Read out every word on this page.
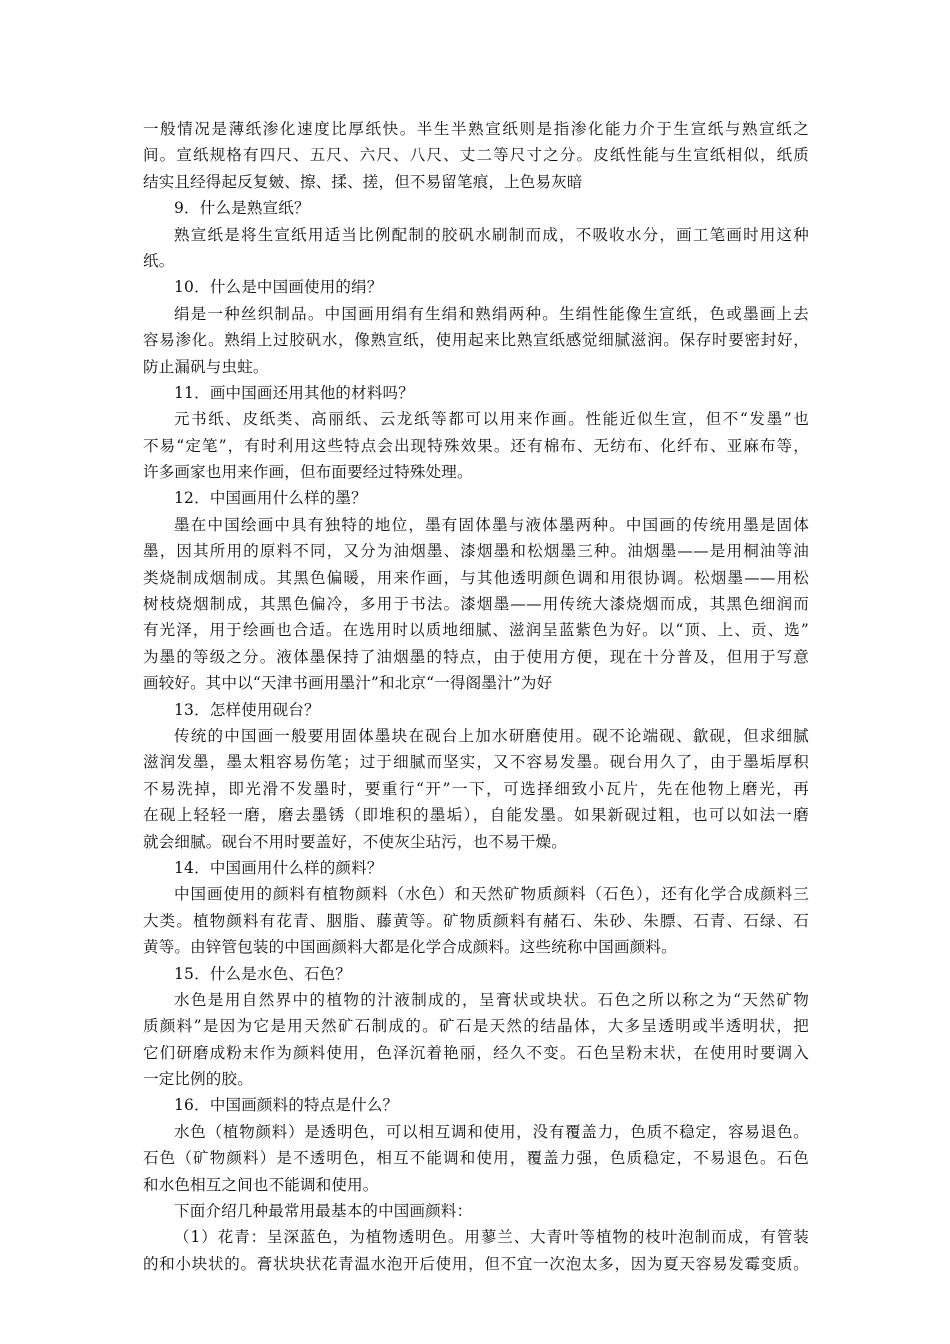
一般情况是薄纸渗化速度比厚纸快。半生半熟宣纸则是指渗化能力介于生宣纸与熟宣纸之
间。宣纸规格有四尺、五尺、六尺、八尺、丈二等尺寸之分。皮纸性能与生宣纸相似，纸质
结实且经得起反复皴、擦、揉、搓，但不易留笔痕，上色易灰暗
9．什么是熟宣纸？
熟宣纸是将生宣纸用适当比例配制的胶矾水刷制而成，不吸收水分，画工笔画时用这种
纸。
10．什么是中国画使用的绢？
绢是一种丝织制品。中国画用绢有生绢和熟绢两种。生绢性能像生宣纸，色或墨画上去
容易渗化。熟绢上过胶矾水，像熟宣纸，使用起来比熟宣纸感觉细腻滋润。保存时要密封好，
防止漏矾与虫蛀。
11．画中国画还用其他的材料吗？
元书纸、皮纸类、高丽纸、云龙纸等都可以用来作画。性能近似生宣，但不“发墨”也
不易“定笔”，有时利用这些特点会出现特殊效果。还有棉布、无纺布、化纤布、亚麻布等，
许多画家也用来作画，但布面要经过特殊处理。
12．中国画用什么样的墨？
墨在中国绘画中具有独特的地位，墨有固体墨与液体墨两种。中国画的传统用墨是固体
墨，因其所用的原料不同，又分为油烟墨、漆烟墨和松烟墨三种。油烟墨——是用桐油等油
类烧制成烟制成。其黑色偏暖，用来作画，与其他透明颜色调和用很协调。松烟墨——用松
树枝烧烟制成，其黑色偏冷，多用于书法。漆烟墨——用传统大漆烧烟而成，其黑色细润而
有光泽，用于绘画也合适。在选用时以质地细腻、滋润呈蓝紫色为好。以“顶、上、贡、选”
为墨的等级之分。液体墨保持了油烟墨的特点，由于使用方便，现在十分普及，但用于写意
画较好。其中以“天津书画用墨汁”和北京“一得阁墨汁”为好
13．怎样使用砚台？
传统的中国画一般要用固体墨块在砚台上加水研磨使用。砚不论端砚、歙砚，但求细腻
滋润发墨，墨太粗容易伤笔；过于细腻而坚实，又不容易发墨。砚台用久了，由于墨垢厚积
不易洗掉，即光滑不发墨时，要重行“开”一下，可选择细致小瓦片，先在他物上磨光，再
在砚上轻轻一磨，磨去墨锈（即堆积的墨垢），自能发墨。如果新砚过粗，也可以如法一磨
就会细腻。砚台不用时要盖好，不使灰尘玷污，也不易干燥。
14．中国画用什么样的颜料？
中国画使用的颜料有植物颜料（水色）和天然矿物质颜料（石色），还有化学合成颜料三
大类。植物颜料有花青、胭脂、藤黄等。矿物质颜料有赭石、朱砂、朱膘、石青、石绿、石
黄等。由锌管包装的中国画颜料大都是化学合成颜料。这些统称中国画颜料。
15．什么是水色、石色？
水色是用自然界中的植物的汁液制成的，呈膏状或块状。石色之所以称之为“天然矿物
质颜料”是因为它是用天然矿石制成的。矿石是天然的结晶体，大多呈透明或半透明状，把
它们研磨成粉末作为颜料使用，色泽沉着艳丽，经久不变。石色呈粉末状，在使用时要调入
一定比例的胶。
16．中国画颜料的特点是什么？
水色（植物颜料）是透明色，可以相互调和使用，没有覆盖力，色质不稳定，容易退色。
石色（矿物颜料）是不透明色，相互不能调和使用，覆盖力强，色质稳定，不易退色。石色
和水色相互之间也不能调和使用。
下面介绍几种最常用最基本的中国画颜料：
（1）花青：呈深蓝色，为植物透明色。用蓼兰、大青叶等植物的枝叶泡制而成，有管装
的和小块状的。膏状块状花青温水泡开后使用，但不宜一次泡太多，因为夏天容易发霉变质。
